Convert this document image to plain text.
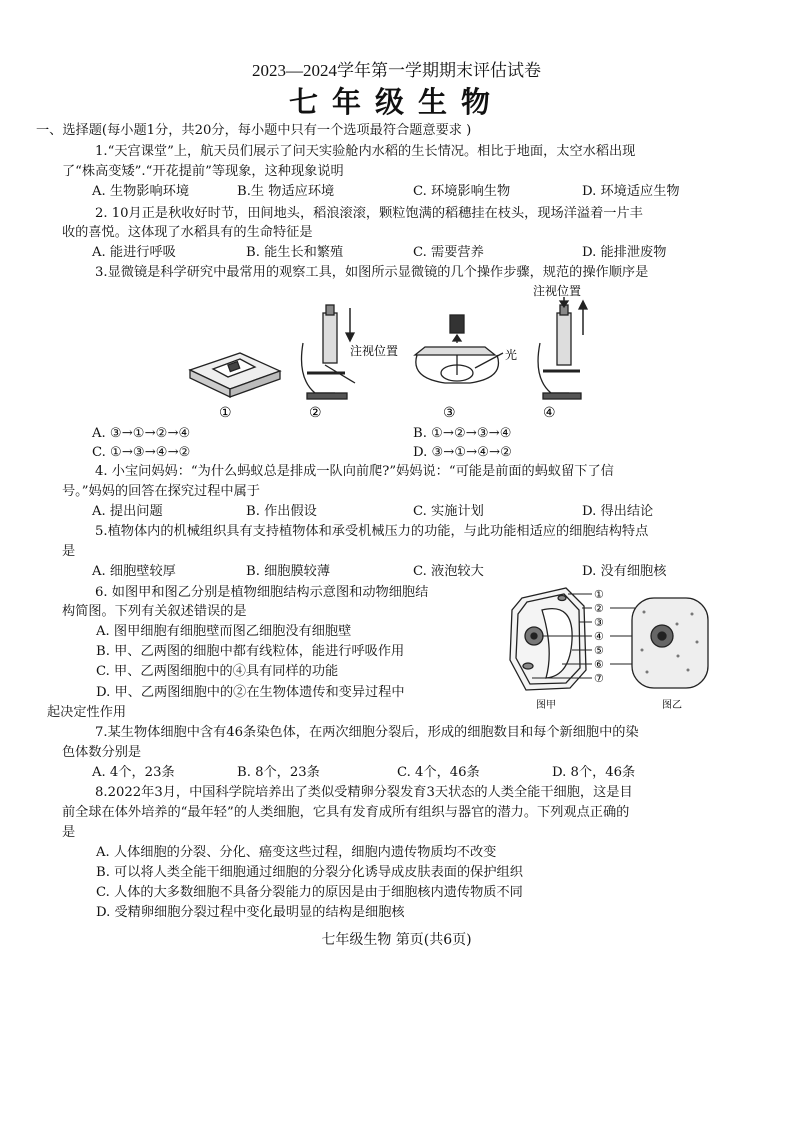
2023—2024学年第一学期期末评估试卷
七年级生物
一、选择题(每小题1分，共20分，每小题中只有一个选项最符合题意要求 )
1.“天宫课堂”上，航天员们展示了问天实验舱内水稻的生长情况。相比于地面，太空水稻出现
了“株高变矮”.“开花提前”等现象，这种现象说明
A. 生物影响环境	B.生 物适应环境	C. 环境影响生物	D. 环境适应生物
2. 10月正是秋收好时节，田间地头，稻浪滚滚，颗粒饱满的稻穗挂在枝头，现场洋溢着一片丰
收的喜悦。这体现了水稻具有的生命特征是
A. 能进行呼吸	B. 能生长和繁殖	C. 需要营养	D. 能排泄废物
3.显微镜是科学研究中最常用的观察工具，如图所示显微镜的几个操作步骤，规范的操作顺序是
注视位置	光
注视位置
①	②	③	④
A. ③→①→②→④	B. ①→②→③→④
C. ①→③→④→②	D. ③→①→④→②
4. 小宝问妈妈：“为什么蚂蚁总是排成一队向前爬?”妈妈说：“可能是前面的蚂蚁留下了信
号。”妈妈的回答在探究过程中属于
A. 提出问题	B. 作出假设	C. 实施计划	D. 得出结论
5.植物体内的机械组织具有支持植物体和承受机械压力的功能，与此功能相适应的细胞结构特点
是
A. 细胞壁较厚	B. 细胞膜较薄	C. 液泡较大	D. 没有细胞核
6. 如图甲和图乙分别是植物细胞结构示意图和动物细胞结
构简图。下列有关叙述错误的是
A. 图甲细胞有细胞壁而图乙细胞没有细胞壁
B. 甲、乙两图的细胞中都有线粒体，能进行呼吸作用
C. 甲、乙两图细胞中的④具有同样的功能
D. 甲、乙两图细胞中的②在生物体遗传和变异过程中
起决定性作用
①
②
③
④
⑤
⑥
⑦
图甲	图乙
7.某生物体细胞中含有46条染色体，在两次细胞分裂后，形成的细胞数目和每个新细胞中的染
色体数分别是
A. 4个，23条	B. 8个，23条	C. 4个，46条	D. 8个，46条
8.2022年3月，中国科学院培养出了类似受精卵分裂发育3天状态的人类全能干细胞，这是目
前全球在体外培养的“最年轻”的人类细胞，它具有发育成所有组织与器官的潜力。下列观点正确的
是
A. 人体细胞的分裂、分化、癌变这些过程，细胞内遗传物质均不改变
B. 可以将人类全能干细胞通过细胞的分裂分化诱导成皮肤表面的保护组织
C. 人体的大多数细胞不具备分裂能力的原因是由于细胞核内遗传物质不同
D. 受精卵细胞分裂过程中变化最明显的结构是细胞核
七年级生物 第页(共6页)
